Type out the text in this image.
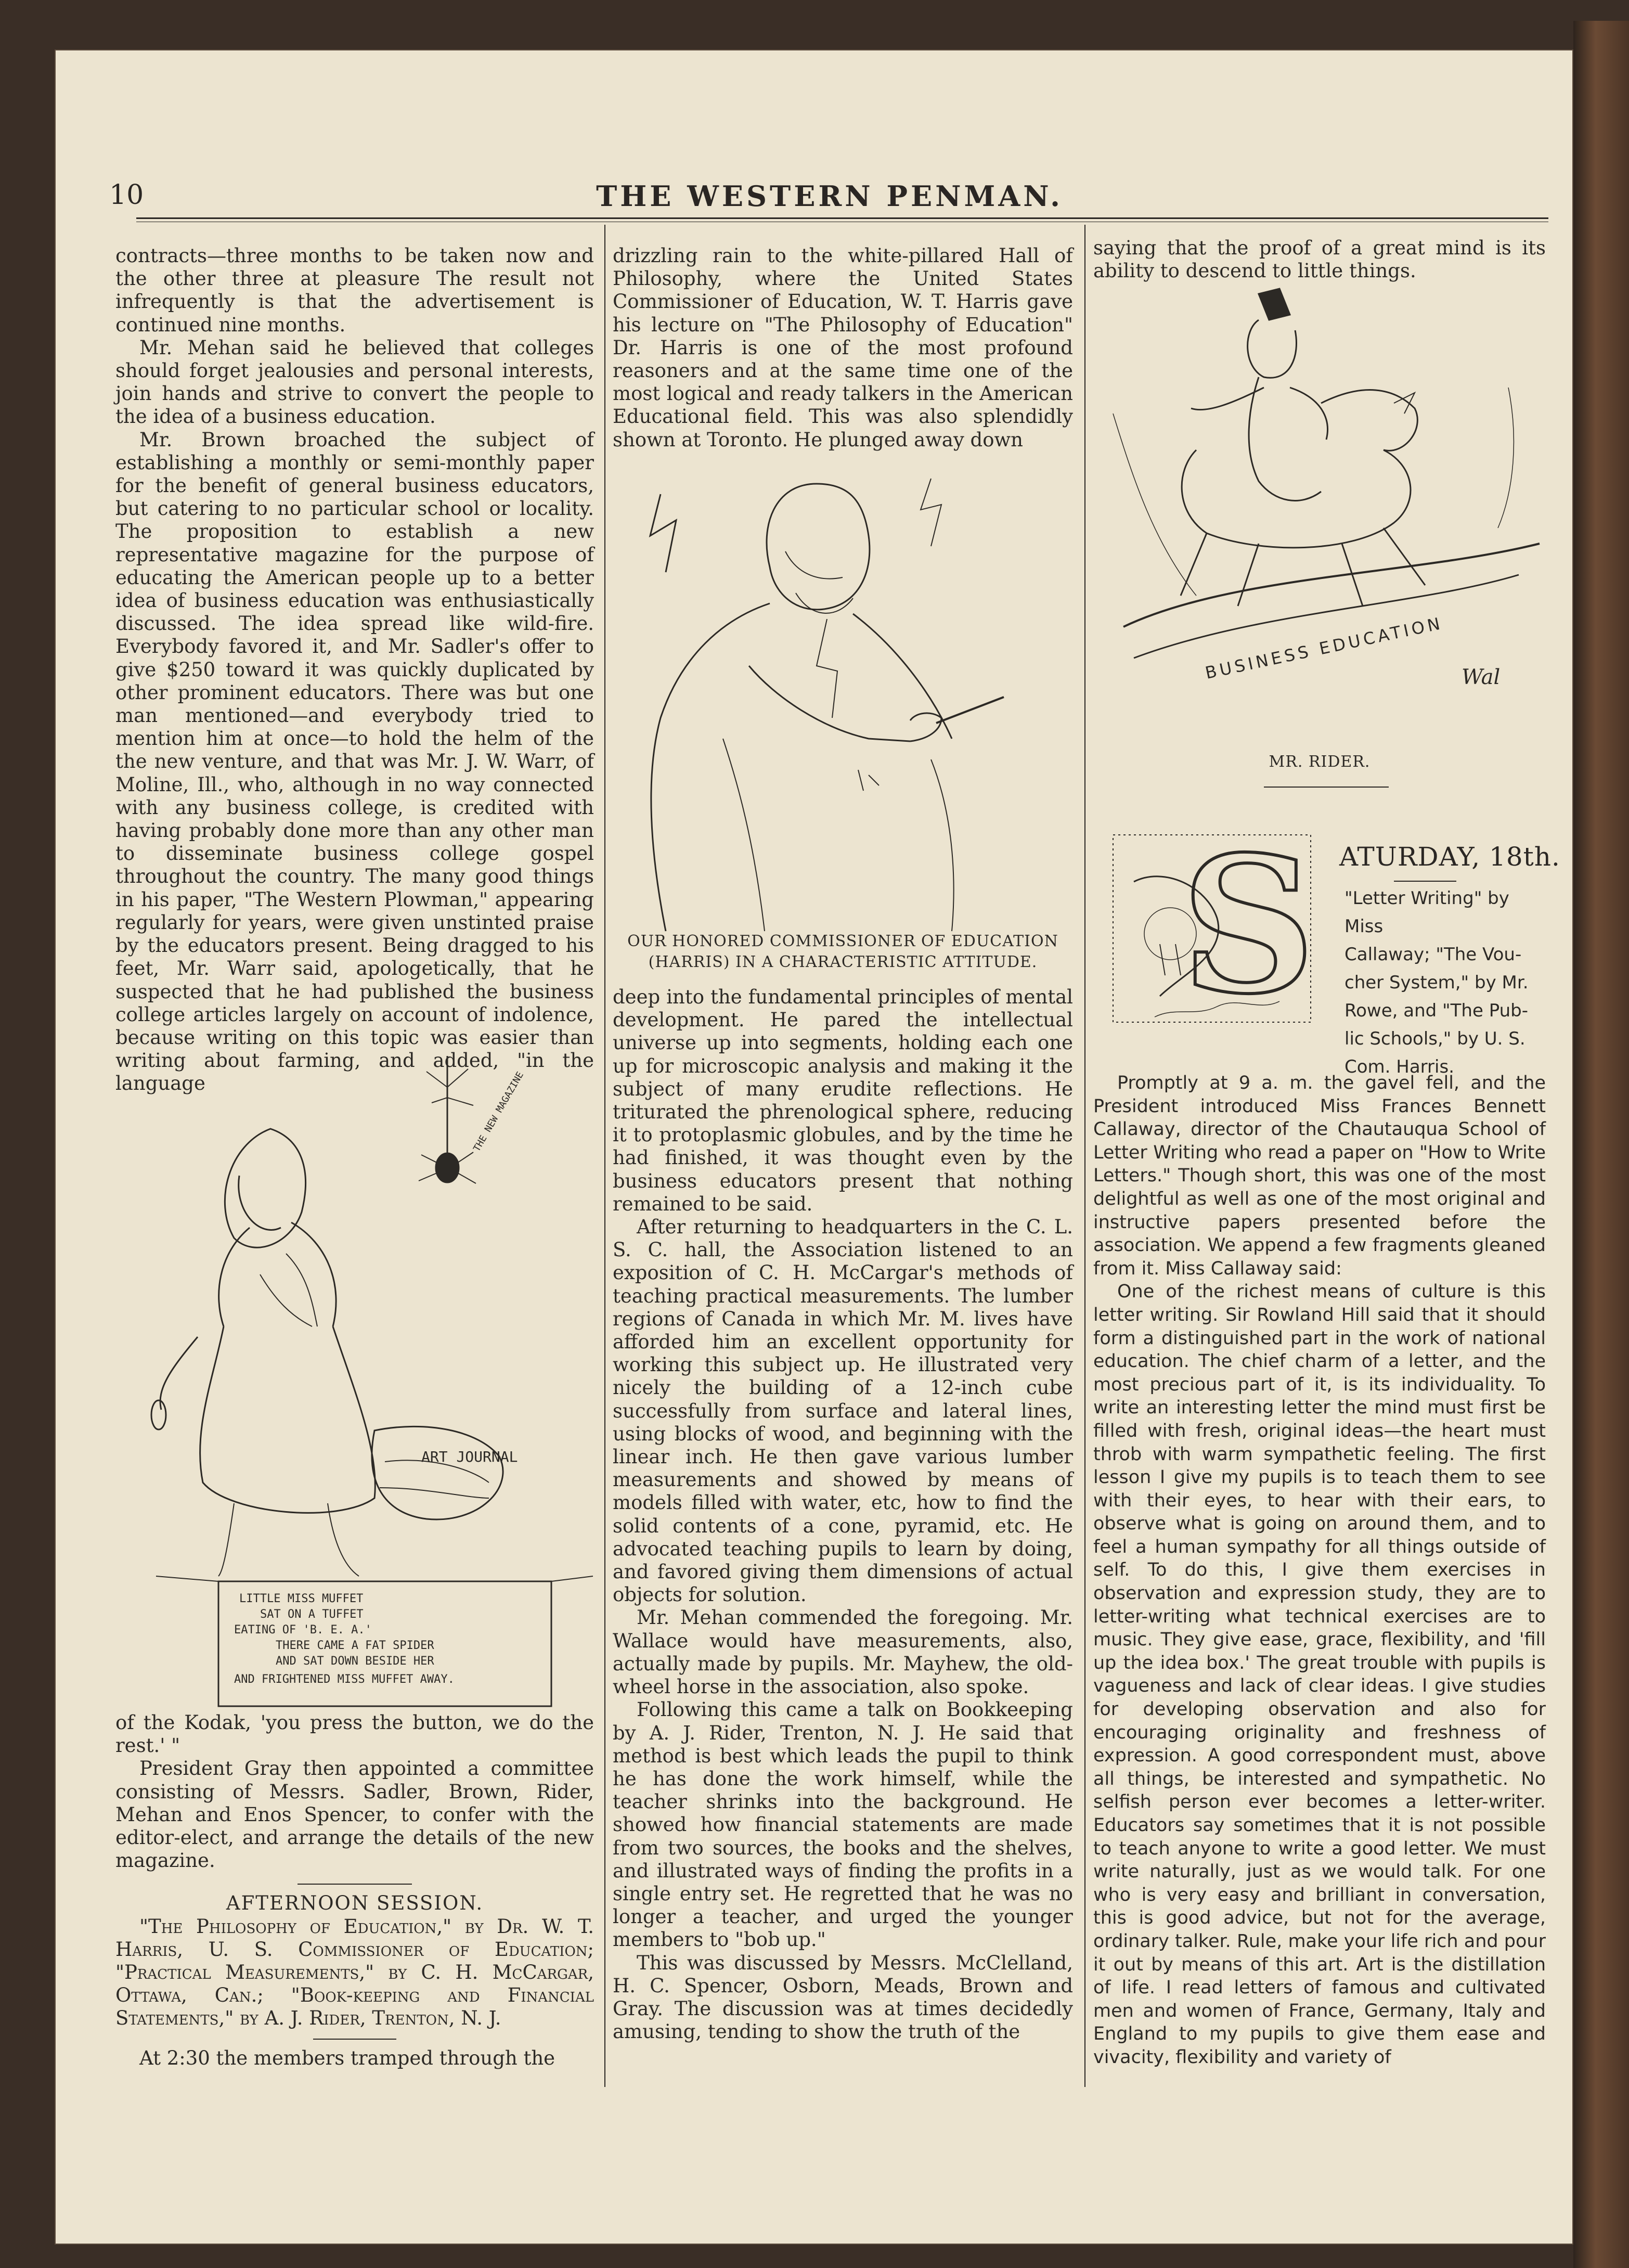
10	THE WESTERN PENMAN.

contracts—three months to be taken now and the other three at pleasure The result not infrequently is that the advertisement is continued nine months.

Mr. Mehan said he believed that colleges should forget jealousies and personal interests, join hands and strive to convert the people to the idea of a business education.

Mr. Brown broached the subject of establishing a monthly or semi-monthly paper for the benefit of general business educators, but catering to no particular school or locality. The proposition to establish a new representative magazine for the purpose of educating the American people up to a better idea of business education was enthusiastically discussed. The idea spread like wild-fire. Everybody favored it, and Mr. Sadler's offer to give $250 toward it was quickly duplicated by other prominent educators. There was but one man mentioned—and everybody tried to mention him at once—to hold the helm of the the new venture, and that was Mr. J. W. Warr, of Moline, Ill., who, although in no way connected with any business college, is credited with having probably done more than any other man to disseminate business college gospel throughout the country. The many good things in his paper, "The Western Plowman," appearing regularly for years, were given unstinted praise by the educators present. Being dragged to his feet, Mr. Warr said, apologetically, that he suspected that he had published the business college articles largely on account of indolence, because writing on this topic was easier than writing about farming, and added, "in the language

ART JOURNAL
THE NEW MAGAZINE
LITTLE MISS MUFFET
SAT ON A TUFFET
EATING OF 'B. E. A.'
THERE CAME A FAT SPIDER
AND SAT DOWN BESIDE HER
AND FRIGHTENED MISS MUFFET AWAY.

of the Kodak, 'you press the button, we do the rest.' "

President Gray then appointed a committee consisting of Messrs. Sadler, Brown, Rider, Mehan and Enos Spencer, to confer with the editor-elect, and arrange the details of the new magazine.

AFTERNOON SESSION.

"The Philosophy of Education," by Dr. W. T. Harris, U. S. Commissioner of Education; "Practical Measurements," by C. H. McCargar, Ottawa, Can.; "Book-keeping and Financial Statements," by A. J. Rider, Trenton, N. J.

At 2:30 the members tramped through the

drizzling rain to the white-pillared Hall of Philosophy, where the United States Commissioner of Education, W. T. Harris gave his lecture on "The Philosophy of Education" Dr. Harris is one of the most profound reasoners and at the same time one of the most logical and ready talkers in the American Educational field. This was also splendidly shown at Toronto. He plunged away down

OUR HONORED COMMISSIONER OF EDUCATION
(HARRIS) IN A CHARACTERISTIC ATTITUDE.

deep into the fundamental principles of mental development. He pared the intellectual universe up into segments, holding each one up for microscopic analysis and making it the subject of many erudite reflections. He triturated the phrenological sphere, reducing it to protoplasmic globules, and by the time he had finished, it was thought even by the business educators present that nothing remained to be said.

After returning to headquarters in the C. L. S. C. hall, the Association listened to an exposition of C. H. McCargar's methods of teaching practical measurements. The lumber regions of Canada in which Mr. M. lives have afforded him an excellent opportunity for working this subject up. He illustrated very nicely the building of a 12-inch cube successfully from surface and lateral lines, using blocks of wood, and beginning with the linear inch. He then gave various lumber measurements and showed by means of models filled with water, etc, how to find the solid contents of a cone, pyramid, etc. He advocated teaching pupils to learn by doing, and favored giving them dimensions of actual objects for solution.

Mr. Mehan commended the foregoing. Mr. Wallace would have measurements, also, actually made by pupils. Mr. Mayhew, the old-wheel horse in the association, also spoke.

Following this came a talk on Bookkeeping by A. J. Rider, Trenton, N. J. He said that method is best which leads the pupil to think he has done the work himself, while the teacher shrinks into the background. He showed how financial statements are made from two sources, the books and the shelves, and illustrated ways of finding the profits in a single entry set. He regretted that he was no longer a teacher, and urged the younger members to "bob up."

This was discussed by Messrs. McClelland, H. C. Spencer, Osborn, Meads, Brown and Gray. The discussion was at times decidedly amusing, tending to show the truth of the

saying that the proof of a great mind is its ability to descend to little things.

BUSINESS EDUCATION Wal
MR. RIDER.
S ATURDAY, 18th.
"Letter Writing" by Miss
Callaway; "The Vou-
cher System," by Mr.
Rowe, and "The Pub-
lic Schools," by U. S.
Com. Harris.

Promptly at 9 a. m. the gavel fell, and the President introduced Miss Frances Bennett Callaway, director of the Chautauqua School of Letter Writing who read a paper on "How to Write Letters." Though short, this was one of the most delightful as well as one of the most original and instructive papers presented before the association. We append a few fragments gleaned from it. Miss Callaway said:

One of the richest means of culture is this letter writing. Sir Rowland Hill said that it should form a distinguished part in the work of national education. The chief charm of a letter, and the most precious part of it, is its individuality. To write an interesting letter the mind must first be filled with fresh, original ideas—the heart must throb with warm sympathetic feeling. The first lesson I give my pupils is to teach them to see with their eyes, to hear with their ears, to observe what is going on around them, and to feel a human sympathy for all things outside of self. To do this, I give them exercises in observation and expression study, they are to letter-writing what technical exercises are to music. They give ease, grace, flexibility, and 'fill up the idea box.' The great trouble with pupils is vagueness and lack of clear ideas. I give studies for developing observation and also for encouraging originality and freshness of expression. A good correspondent must, above all things, be interested and sympathetic. No selfish person ever becomes a letter-writer. Educators say sometimes that it is not possible to teach anyone to write a good letter. We must write naturally, just as we would talk. For one who is very easy and brilliant in conversation, this is good advice, but not for the average, ordinary talker. Rule, make your life rich and pour it out by means of this art. Art is the distillation of life. I read letters of famous and cultivated men and women of France, Germany, Italy and England to my pupils to give them ease and vivacity, flexibility and variety of
